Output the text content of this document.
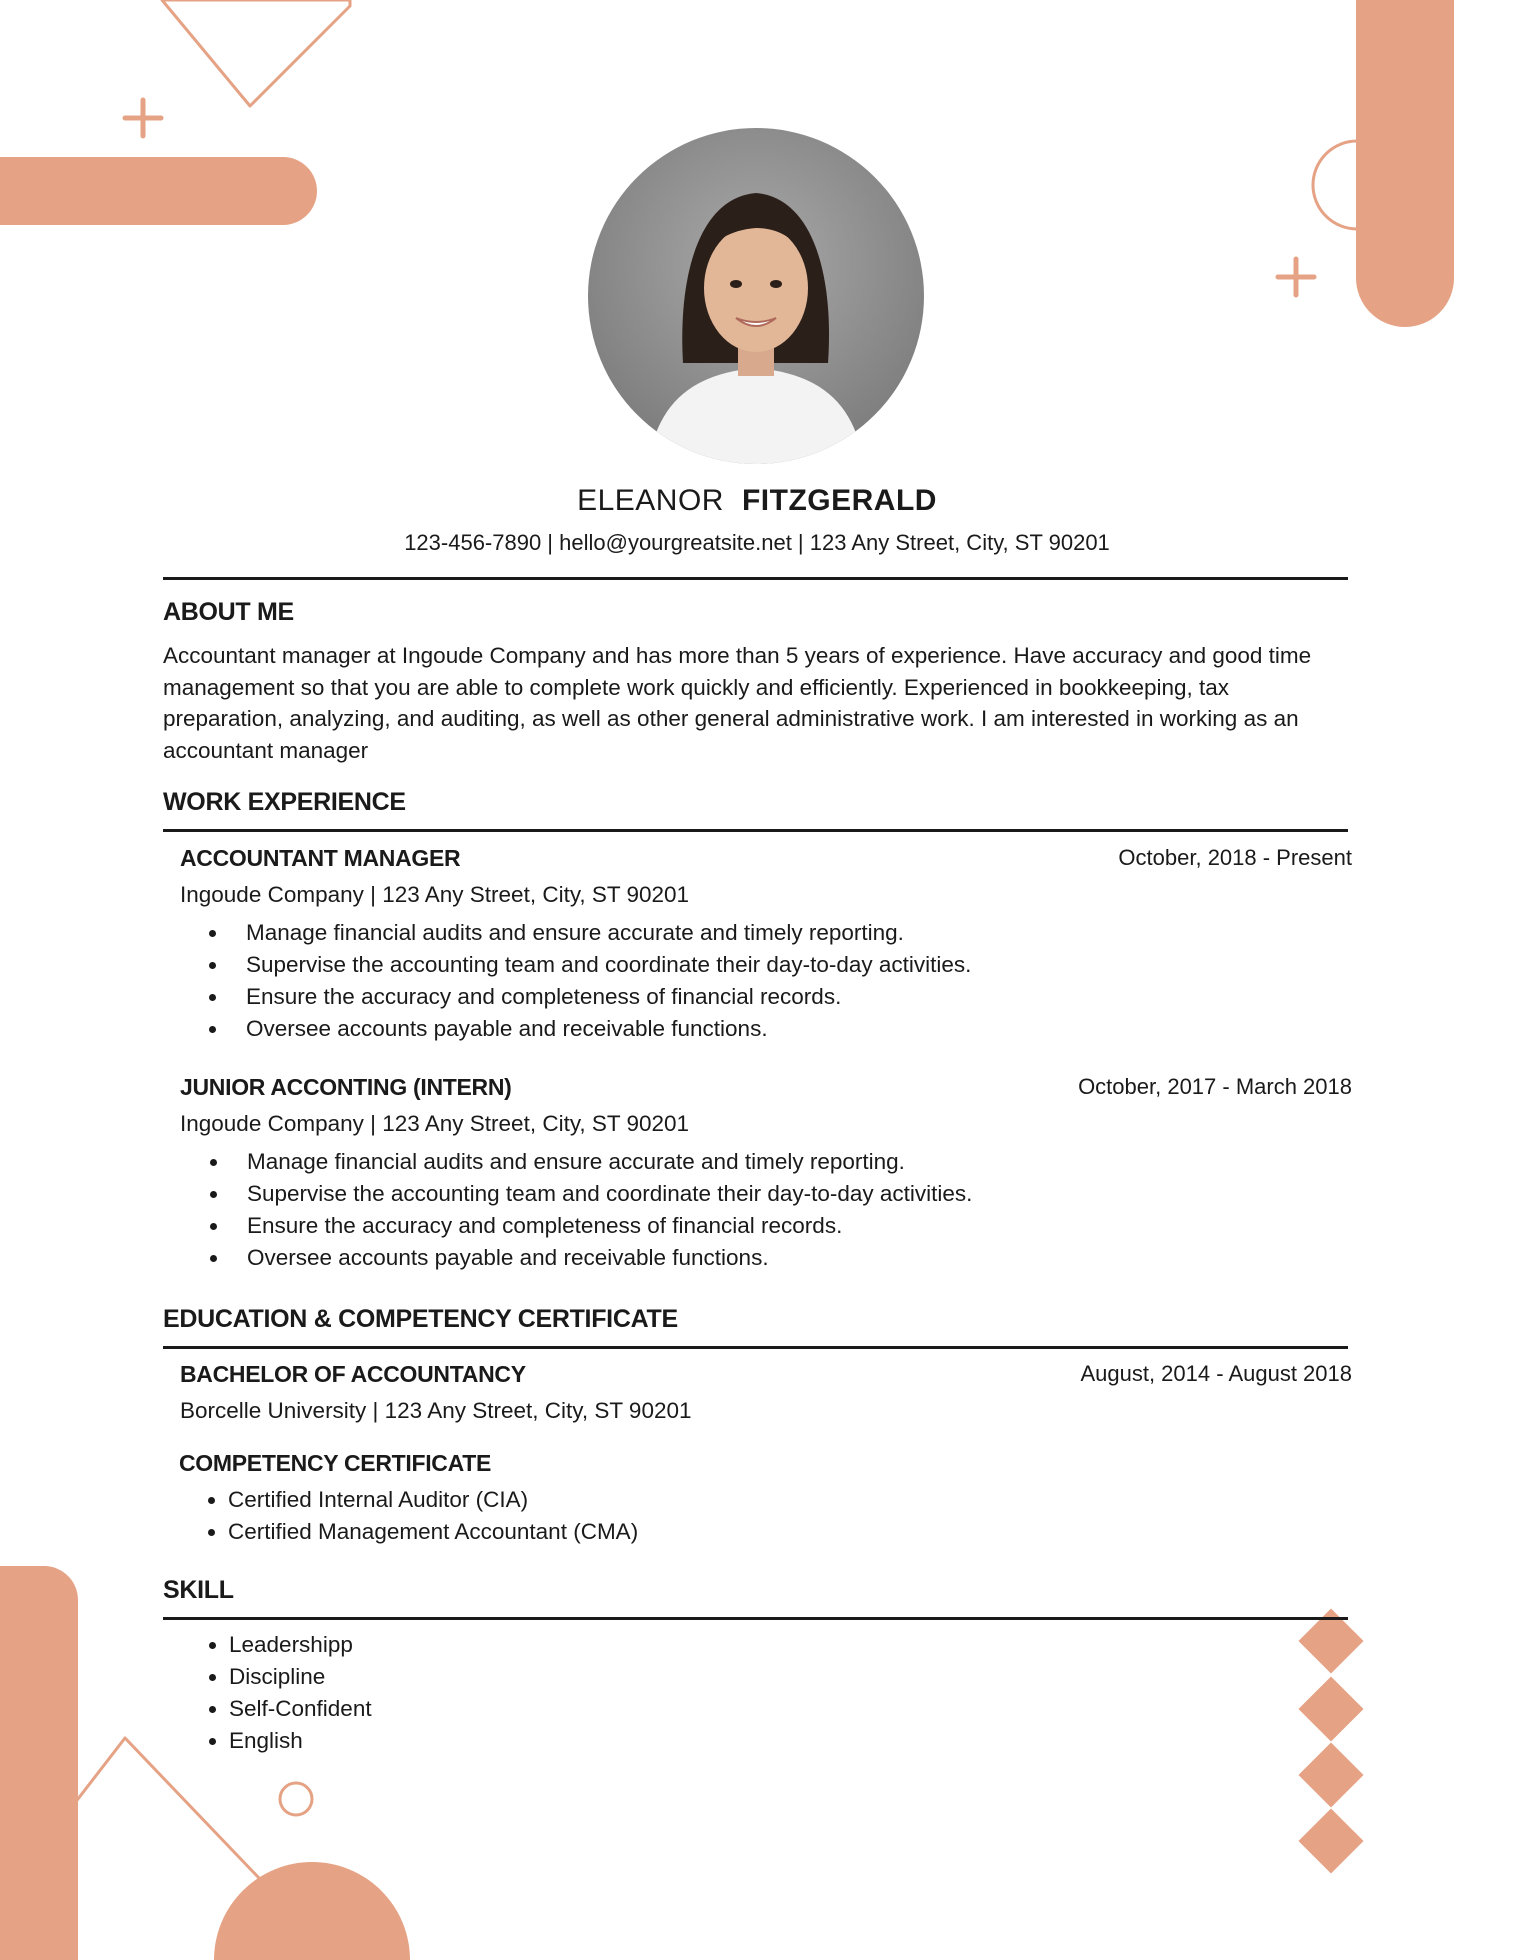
ELEANOR FITZGERALD
123-456-7890 | hello@yourgreatsite.net | 123 Any Street, City, ST 90201
ABOUT ME
Accountant manager at Ingoude Company and has more than 5 years of experience. Have accuracy and good time management so that you are able to complete work quickly and efficiently. Experienced in bookkeeping, tax preparation, analyzing, and auditing, as well as other general administrative work. I am interested in working as an accountant manager
WORK EXPERIENCE
ACCOUNTANT MANAGER	October, 2018 - Present
Ingoude Company | 123 Any Street, City, ST 90201
Manage financial audits and ensure accurate and timely reporting.
Supervise the accounting team and coordinate their day-to-day activities.
Ensure the accuracy and completeness of financial records.
Oversee accounts payable and receivable functions.
JUNIOR ACCONTING (INTERN)	October, 2017 - March 2018
Ingoude Company | 123 Any Street, City, ST 90201
Manage financial audits and ensure accurate and timely reporting.
Supervise the accounting team and coordinate their day-to-day activities.
Ensure the accuracy and completeness of financial records.
Oversee accounts payable and receivable functions.
EDUCATION & COMPETENCY CERTIFICATE
BACHELOR OF ACCOUNTANCY	August, 2014 - August 2018
Borcelle University | 123 Any Street, City, ST 90201
COMPETENCY CERTIFICATE
Certified Internal Auditor (CIA)
Certified Management Accountant (CMA)
SKILL
Leadershipp
Discipline
Self-Confident
English
